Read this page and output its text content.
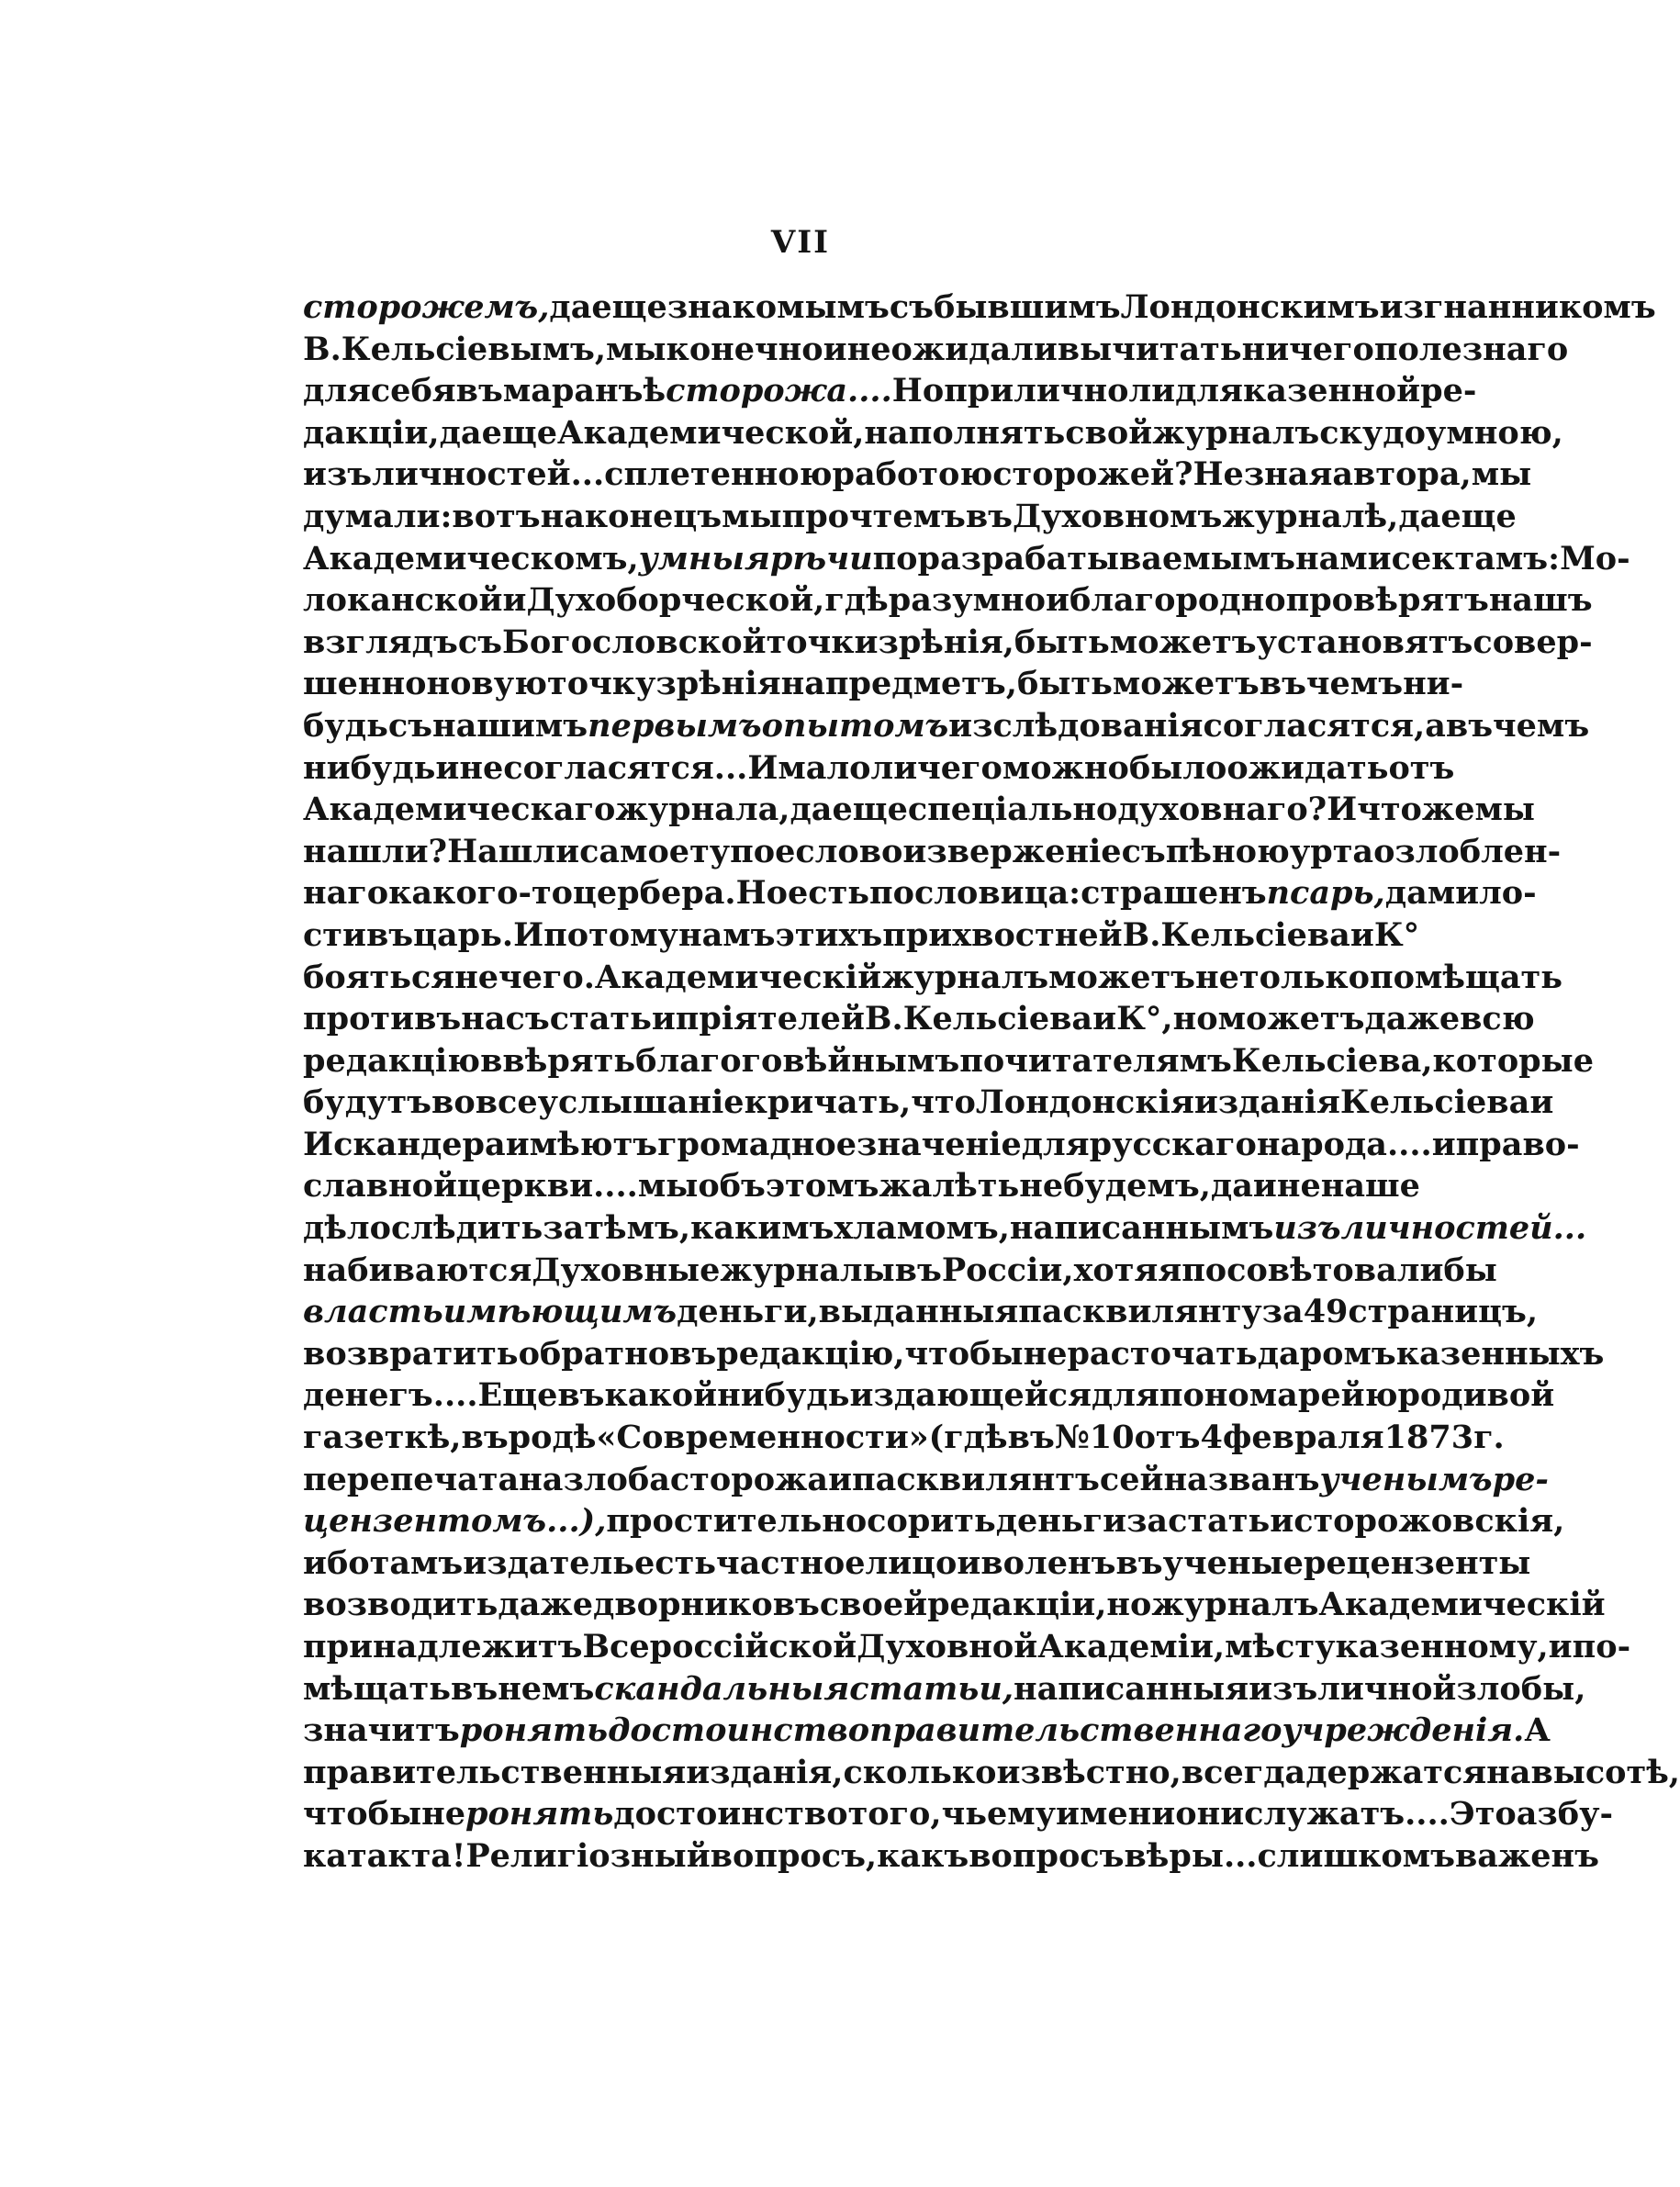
VII
сторожемъ, да еще знакомымъ съ бывшимъ Лондонскимъ изгнанникомъ
В. Кельсіевымъ, мы конечно и не ожидали вычитать ничего полезнаго
для себя въ маранъѣ сторожа.... Но прилично ли для казенной ре-
дакціи, да еще Академической, наполнять свой журналъ скудоумною,
изъ личностей... сплетенною работою сторожей? Не зная автора, мы
думали: вотъ наконецъ мы прочтемъ въ Духовномъ журналѣ, да еще
Академическомъ, умныя рѣчи по разрабатываемымъ нами сектамъ: Мо-
локанской и Духоборческой, гдѣ разумно и благородно провѣрятъ нашъ
взглядъ съ Богословской точки зрѣнія, быть можетъ установятъ совер-
шенно новую точку зрѣнія на предметъ, быть можетъ въ чемъ ни-
будь съ нашимъ первымъ опытомъ изслѣдованія согласятся, а въ чемъ
нибудь и не согласятся... И мало ли чего можно было ожидать отъ
Академическаго журнала, да еще спеціально духовнаго? И что же мы
нашли? Нашли самое тупое словоизверженіе съ пѣною у рта озлоблен-
наго какого-то цербера. Но есть пословица: страшенъ псарь, да мило-
стивъ царь. И потому намъ этихъ прихвостней В. Кельсіева и К°
бояться нечего. Академическій журналъ можетъ не только помѣщать
противъ насъ статьи пріятелей В. Кельсіева и К°, но можетъ даже всю
редакцію ввѣрять благоговѣйнымъ почитателямъ Кельсіева, которые
будутъ во всеуслышаніе кричать, что Лондонскія изданія Кельсіева и
Искандера имѣютъ громадное значеніе для русскаго народа.... и право-
славной церкви.... мы объ этомъ жалѣть не будемъ, да и не наше
дѣло слѣдить за тѣмъ, какимъ хламомъ, написаннымъ изъ личностей...
набиваются Духовные журналы въ Россіи, хотя я посовѣтовали бы
власть имѣющимъ деньги, выданныя пасквилянту за 49 страницъ,
возвратить обратно въ редакцію, чтобы нерасточать даромъ казенныхъ
денегъ.... Еще въ какой нибудь издающейся для пономарей юродивой
газеткѣ, въ родѣ «Современности» (гдѣ въ № 10 отъ 4 февраля 1873 г.
перепечатана злоба сторожа и пасквилянтъ сей названъ ученымъ ре-
цензентомъ...), простительно сорить деньги за статьи сторожовскія,
ибо тамъ издатель есть частное лицо и воленъ въ ученые рецензенты
возводить даже дворниковъ своей редакціи, но журналъ Академическій
принадлежитъ Всероссійской Духовной Академіи, мѣсту казенному, и по-
мѣщать въ немъ скандальныя статьи, написанныя изъ личной злобы,
значитъ ронять достоинство правительственнаго учрежденія. А
правительственныя изданія, сколько извѣстно, всегда держатся на высотѣ,
чтобы не ронять достоинство того, чьему имени они служатъ.... Это азбу-
ка такта! Религіозный вопросъ, какъ вопросъ вѣры... слишкомъ важенъ
